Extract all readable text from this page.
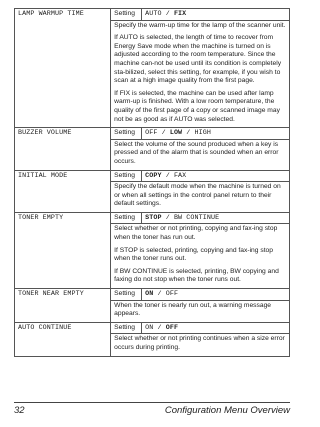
LAMP WARMUP TIME	Setting	AUTO / FIX

	Specify the warm-up time for the lamp of the scanner unit.

If AUTO is selected, the length of time to recover from Energy Save mode when the machine is turned on is adjusted according to the room temperature. Since the machine can-not be used until its condition is completely sta-bilized, select this setting, for example, if you wish to scan at a high image quality from the first page.

If FIX is selected, the machine can be used after lamp warm-up is finished. With a low room temperature, the quality of the first page of a copy or scanned image may not be as good as if AUTO was selected.	

BUZZER VOLUME	Setting	OFF / LOW / HIGH

	Select the volume of the sound produced when a key is pressed and of the alarm that is sounded when an error occurs.	

INITIAL MODE	Setting	COPY / FAX

	Specify the default mode when the machine is turned on or when all settings in the control panel return to their default settings.	

TONER EMPTY	Setting	STOP / BW CONTINUE

	Select whether or not printing, copying and fax-ing stop when the toner has run out.

If STOP is selected, printing, copying and fax-ing stop when the toner runs out.

If BW CONTINUE is selected, printing, BW copying and faxing do not stop when the toner runs out.	

TONER NEAR EMPTY	Setting	ON / OFF

	When the toner is nearly run out, a warning message appears.	

AUTO CONTINUE	Setting	ON / OFF

	Select whether or not printing continues when a size error occurs during printing.	

32	Configuration Menu Overview
